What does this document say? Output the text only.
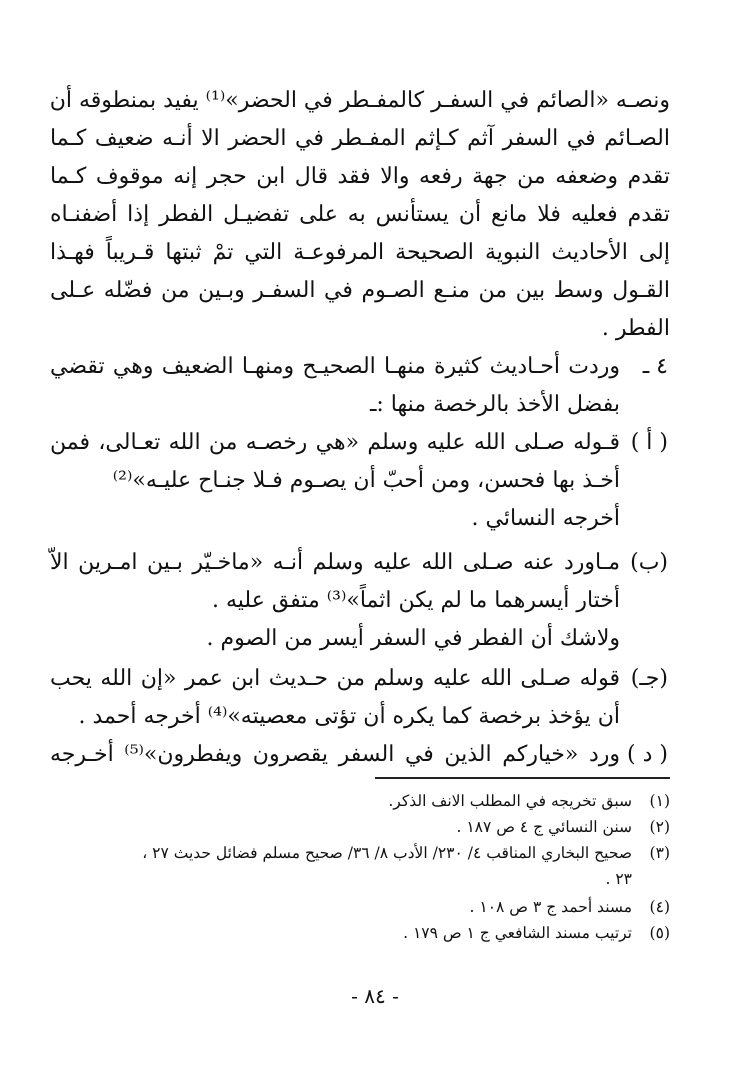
ونصـه «الصائم في السفـر كالمفـطر في الحضر»⁽¹⁾ يفيد بمنطوقه أن
الصـائم في السفر آثم كـإثم المفـطر في الحضر الا أنـه ضعيف كـما
تقدم وضعفه من جهة رفعه والا فقد قال ابن حجر إنه موقوف كـما
تقدم فعليه فلا مانع أن يستأنس به على تفضيـل الفطر إذا أضفنـاه
إلى الأحاديث النبوية الصحيحة المرفوعـة التي تمْ ثبتها قـريباً فهـذا
القـول وسط بين من منـع الصـوم في السفـر وبـين من فضّله عـلى
الفطر .
٤ ـ
وردت أحـاديث كثيرة منهـا الصحيـح ومنهـا الضعيف وهي تقضي
بفضل الأخذ بالرخصة منها :ـ
( أ )
قـوله صـلى الله عليه وسلم «هي رخصـه من الله تعـالى، فمن
أخـذ بها فحسن، ومن أحبّ أن يصـوم فـلا جنـاح عليـه»⁽²⁾
أخرجه النسائي .
(ب)
مـاورد عنه صـلى الله عليه وسلم أنـه «ماخـيّر بـين امـرين الاّ
أختار أيسرهما ما لم يكن اثماً»⁽³⁾ متفق عليه .
ولاشك أن الفطر في السفر أيسر من الصوم .
(جـ)
قوله صـلى الله عليه وسلم من حـديث ابن عمر «إن الله يحب
أن يؤخذ برخصة كما يكره أن تؤتى معصيته»⁽⁴⁾ أخرجه أحمد .
( د )
ورد «خياركم الذين في السفر يقصرون ويفطرون»⁽⁵⁾ أخـرجه
(١)سبق تخريجه في المطلب الانف الذكر.
(٢)سنن النسائي ج ٤ ص ١٨٧ .
(٣)صحيح البخاري المناقب ٤/ ٢٣٠/ الأدب ٨/ ٣٦/ صحيح مسلم فضائل حديث ٢٧ ،
٢٣ .
(٤)مسند أحمد ج ٣ ص ١٠٨ .
(٥)ترتيب مسند الشافعي ج ١ ص ١٧٩ .
- ٨٤ -
